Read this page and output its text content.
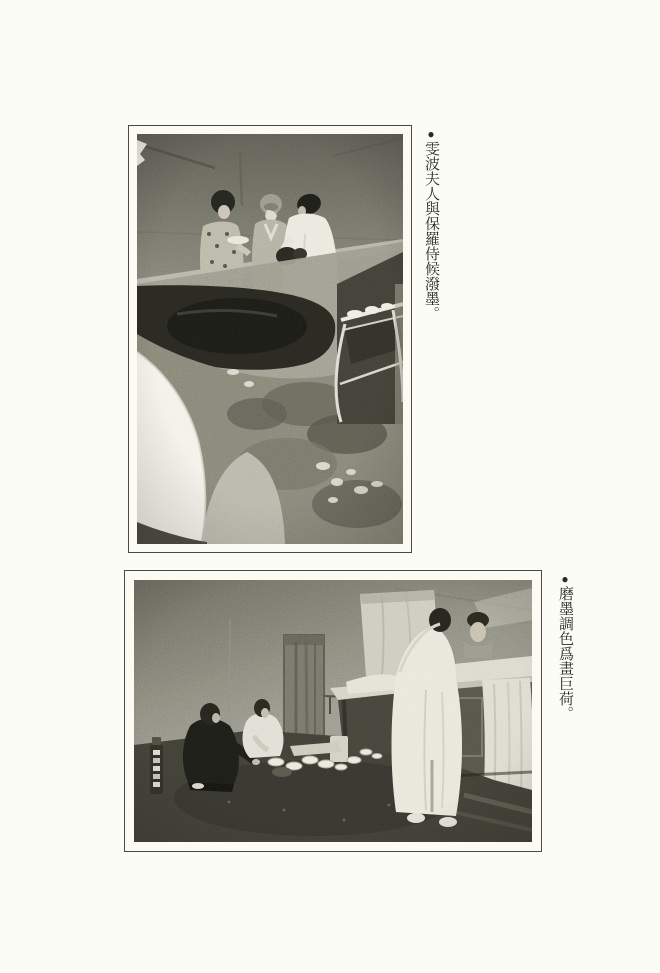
●雯波夫人與保羅侍候潑墨。
●磨墨調色爲畫巨荷。
